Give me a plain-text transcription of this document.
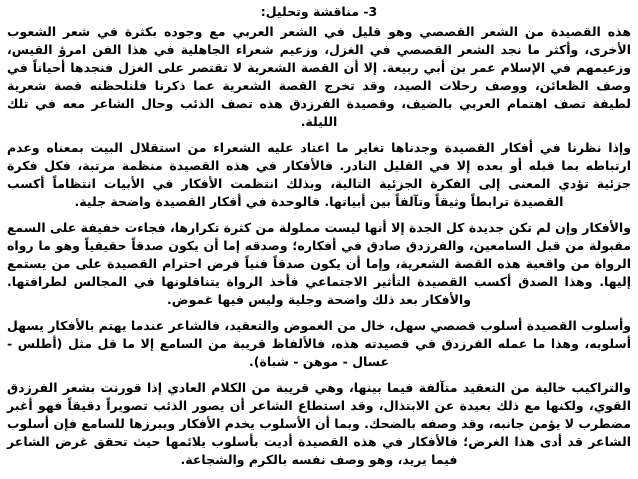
3- مناقشة وتحليل:

هذه القصيدة من الشعر القصصي وهو قليل في الشعر العربي مع وجوده بكثرة في شعر الشعوب الأخرى، وأكثر ما نجد الشعر القصصي في الغزل، وزعيم شعراء الجاهلية في هذا الفن امرؤ القيس، وزعيمهم في الإسلام عمر بن أبي ربيعة. إلا أن القصة الشعرية لا تقتصر على الغزل فنجدها أحياناً في وصف الظعائن، ووصف رحلات الصيد، وقد تخرج القصة الشعرية عما ذكرنا فلنلحظنه قصة شعرية لطيفة تصف اهتمام العربي بالضيف، وقصيدة الفرزدق هذه تصف الذئب وحال الشاعر معه في تلك الليلة.

وإذا نظرنا في أفكار القصيدة وجدناها تغاير ما اعتاد عليه الشعراء من استقلال البيت بمعناه وعدم ارتباطه بما قبله أو بعده إلا في القليل النادر. فالأفكار في هذه القصيدة منظمة مرتبة، فكل فكرة جزئية تؤدي المعنى إلى الفكرة الجزئية التالية، وبذلك انتظمت الأفكار في الأبيات انتظاماً أكسب القصيدة ترابطاً وثيقاً وتآلفاً بين أبياتها. فالوحدة في أفكار القصيدة واضحة جلية.

والأفكار وإن لم تكن جديدة كل الجدة إلا أنها ليست مملولة من كثرة تكرارها، فجاءت خفيفة على السمع مقبولة من قبل السامعين، والفرزدق صادق في أفكاره؛ وصدقه إما أن يكون صدقاً حقيقياً وهو ما رواه الرواة من واقعية هذه القصة الشعرية، وإما أن يكون صدقاً فنياً فرض احترام القصيدة على من يستمع إليها. وهذا الصدق أكسب القصيدة التأثير الاجتماعي فأخذ الرواة يتناقلونها في المجالس لطرافتها. والأفكار بعد ذلك واضحة وجلية وليس فيها غموض.

وأسلوب القصيدة أسلوب قصصي سهل، خال من الغموض والتعقيد، فالشاعر عندما يهتم بالأفكار يسهل أسلوبه، وهذا ما عمله الفرزدق في قصيدته هذه، فالألفاظ قريبة من السامع إلا ما قل مثل (أطلس - عسال - موهن - شباة).

والتراكيب خالية من التعقيد متآلفة فيما بينها، وهي قريبة من الكلام العادي إذا قورنت بشعر الفرزدق القوي، ولكنها مع ذلك بعيدة عن الابتذال، وقد استطاع الشاعر أن يصور الذئب تصويراً دقيقاً فهو أغبر مضطرب لا يؤمن جانبه، وقد وصفه بالضحك. وبما أن الأسلوب يخدم الأفكار ويبرزها للسامع فإن أسلوب الشاعر قد أدى هذا الغرض؛ فالأفكار في هذه القصيدة أديت بأسلوب يلائمها حيث تحقق غرض الشاعر فيما يريد، وهو وصف نفسه بالكرم والشجاعة.
